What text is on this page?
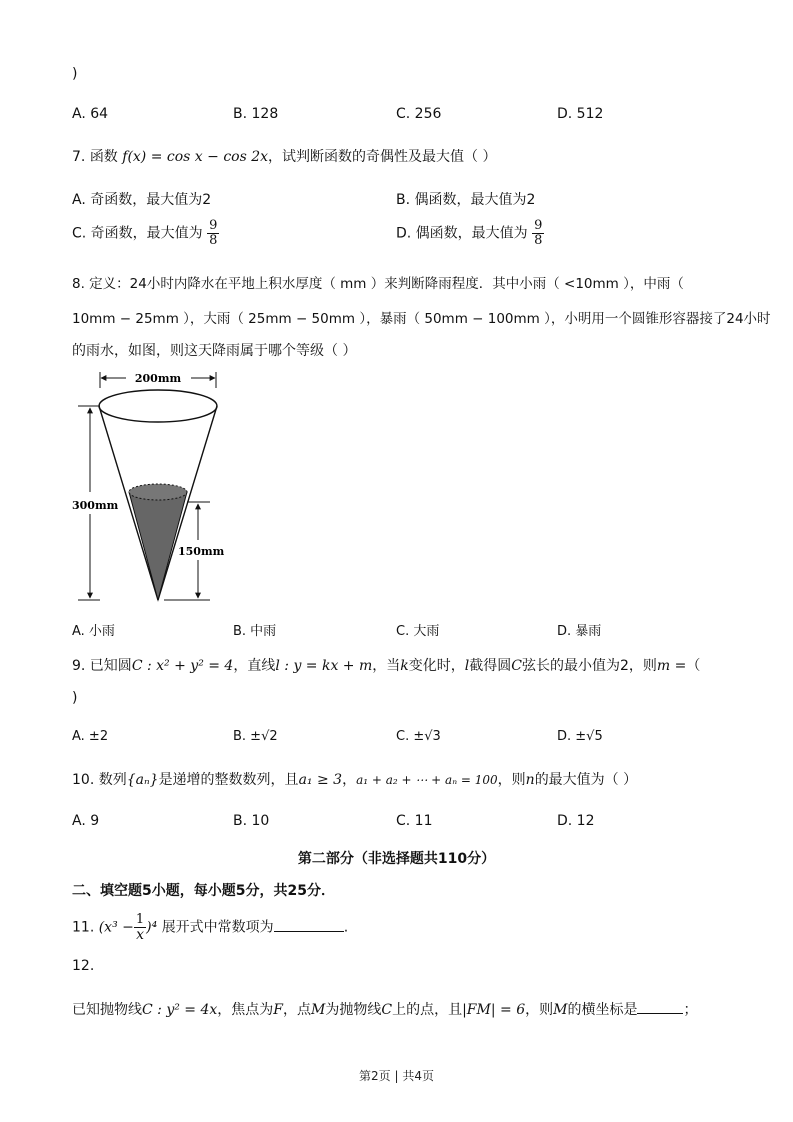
)
A. 64	B. 128	C. 256	D. 512
7. 函数 f(x) = cos x − cos 2x，试判断函数的奇偶性及最大值（ ）
A. 奇函数，最大值为2	B. 偶函数，最大值为2
C. 奇函数，最大值为 $\frac{9}{8}$	D. 偶函数，最大值为 $\frac{9}{8}$
8. 定义：24小时内降水在平地上积水厚度（ mm ）来判断降雨程度．其中小雨（ <10mm ），中雨（
10mm − 25mm ），大雨（ 25mm − 50mm ），暴雨（ 50mm − 100mm ），小明用一个圆锥形容器接了24小时
的雨水，如图，则这天降雨属于哪个等级（ ）
200mm
300mm
150mm
A. 小雨	B. 中雨	C. 大雨	D. 暴雨
9. 已知圆C : x² + y² = 4，直线l : y = kx + m，当k变化时，l截得圆C弦长的最小值为2，则m =（
)
A. ±2	B. ±√2	C. ±√3	D. ±√5
10. 数列{aₙ}是递增的整数数列，且a₁ ≥ 3，a₁ + a₂ + ⋯ + aₙ = 100，则n的最大值为（ ）
A. 9	B. 10	C. 11	D. 12
第二部分（非选择题共110分）
二、填空题5小题，每小题5分，共25分．
11. $(x^3 - \frac{1}{x} )^4$ 展开式中常数项为	.
12.
已知抛物线C : y² = 4x，焦点为F，点M为抛物线C上的点，且|FM| = 6，则M的横坐标是	；
第2页 | 共4页
